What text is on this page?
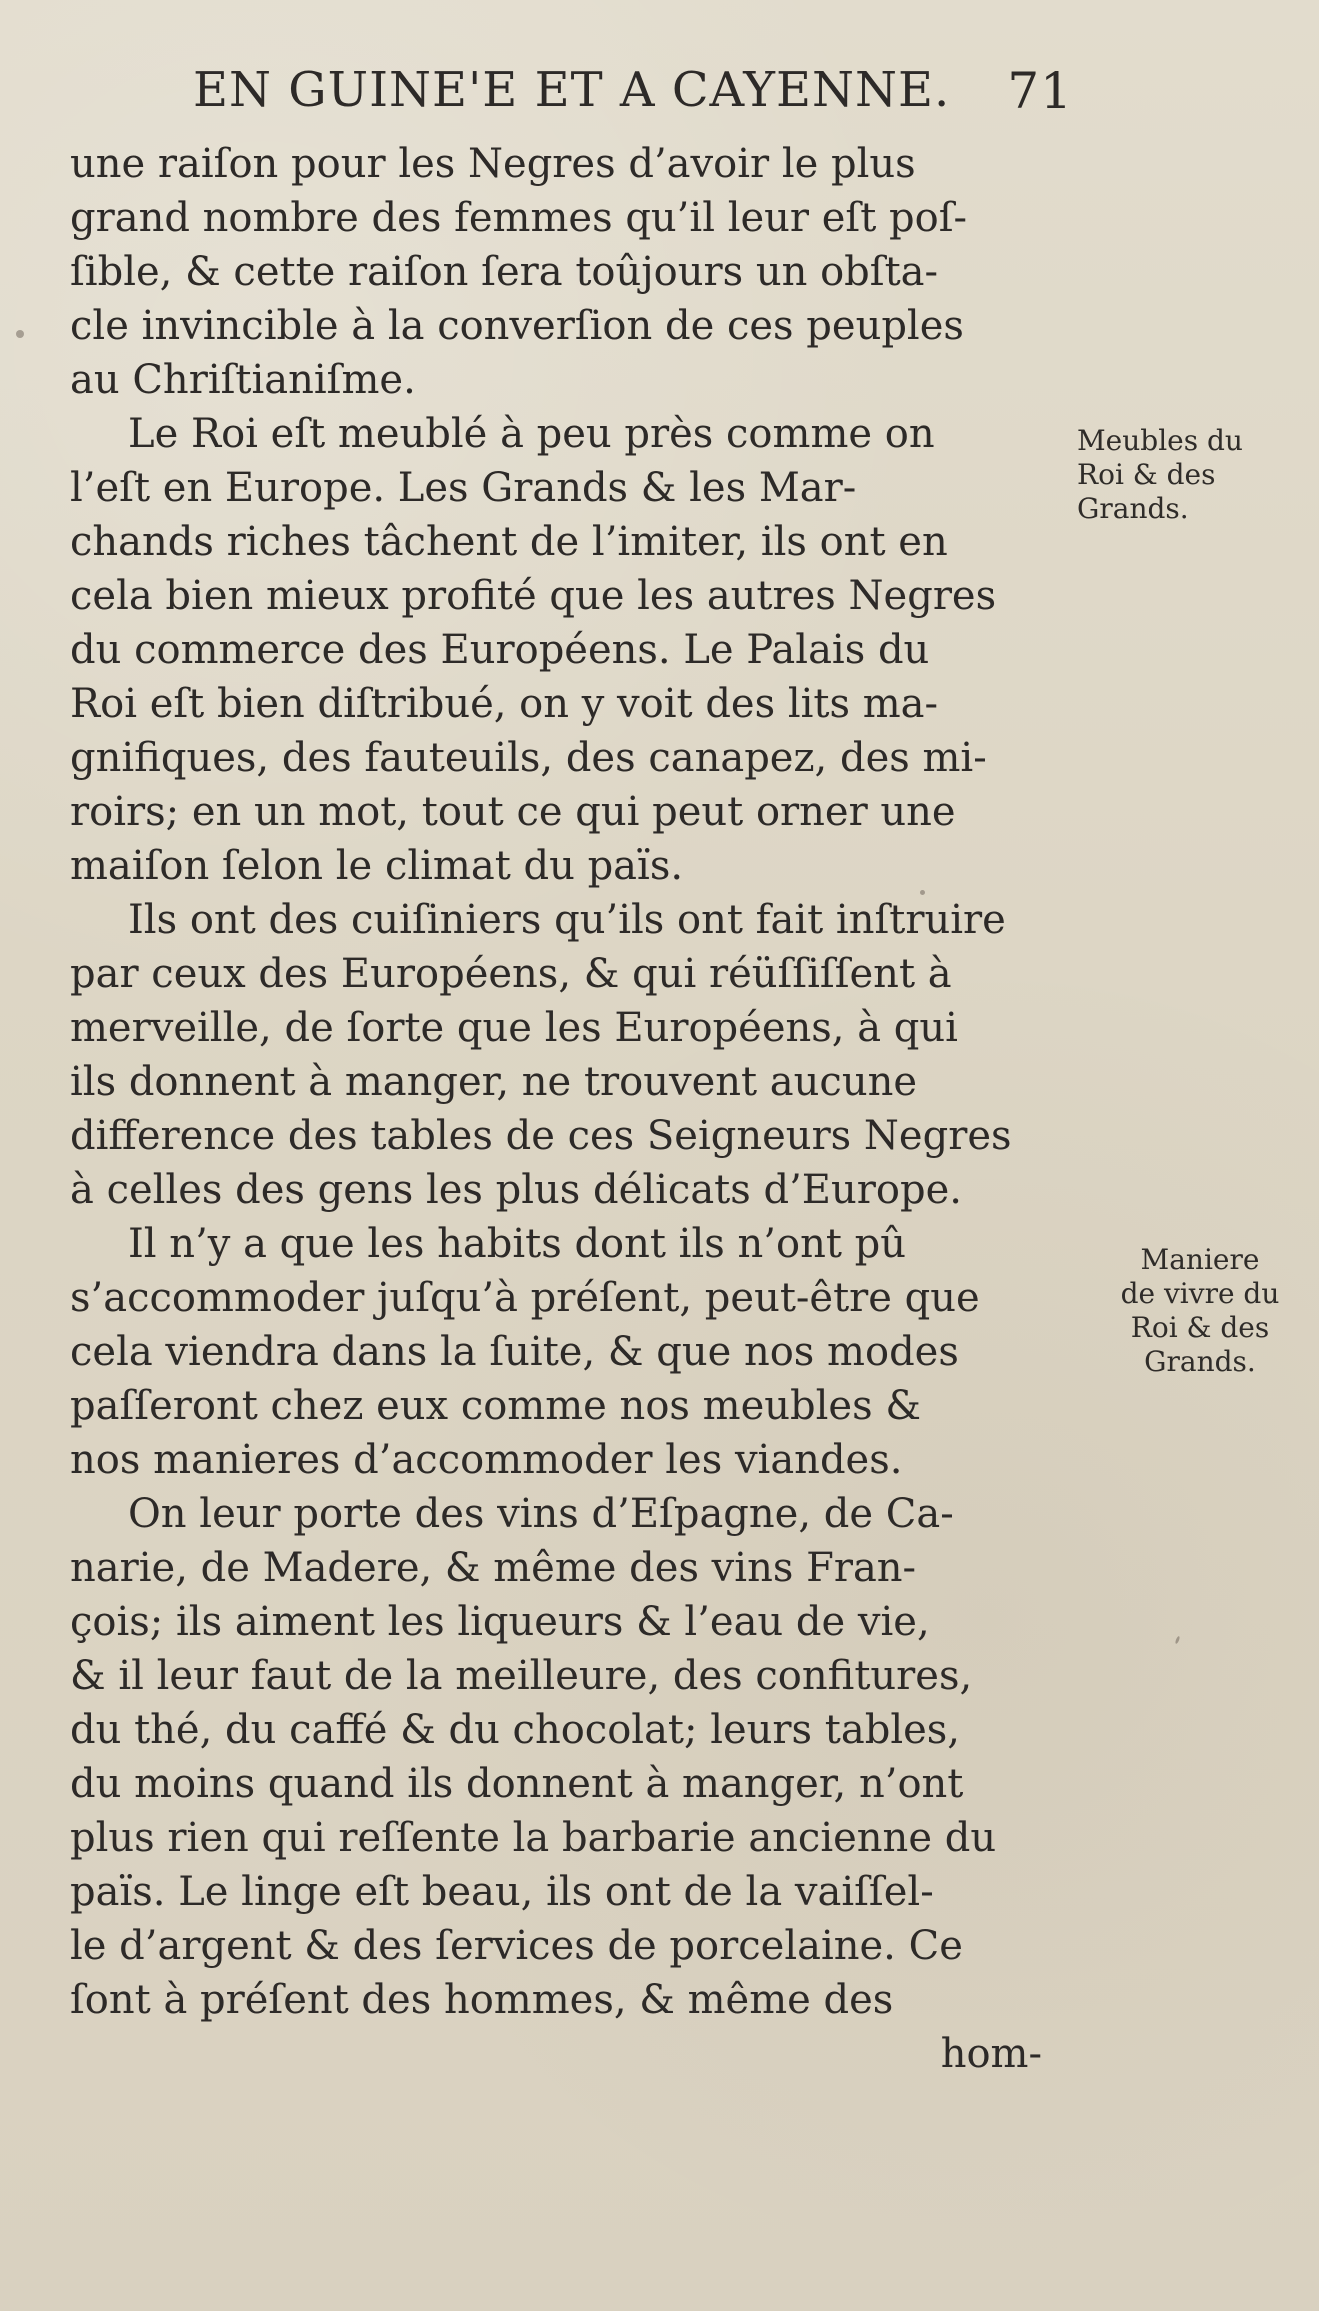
EN GUINE'E ET A CAYENNE. 71
une raiſon pour les Negres d’avoir le plus
grand nombre des femmes qu’il leur eſt poſ-
ſible, & cette raiſon ſera toûjours un obſta-
cle invincible à la converſion de ces peuples
au Chriſtianiſme.
Le Roi eſt meublé à peu près comme on
l’eſt en Europe. Les Grands & les Mar-
chands riches tâchent de l’imiter, ils ont en
cela bien mieux profité que les autres Negres
du commerce des Européens. Le Palais du
Roi eſt bien diſtribué, on y voit des lits ma-
gnifiques, des fauteuils, des canapez, des mi-
roirs; en un mot, tout ce qui peut orner une
maiſon ſelon le climat du païs.
Ils ont des cuiſiniers qu’ils ont fait inſtruire
par ceux des Européens, & qui réüſſiſſent à
merveille, de ſorte que les Européens, à qui
ils donnent à manger, ne trouvent aucune
difference des tables de ces Seigneurs Negres
à celles des gens les plus délicats d’Europe.
Il n’y a que les habits dont ils n’ont pû
s’accommoder juſqu’à préſent, peut-être que
cela viendra dans la ſuite, & que nos modes
paſſeront chez eux comme nos meubles &
nos manieres d’accommoder les viandes.
On leur porte des vins d’Eſpagne, de Ca-
narie, de Madere, & même des vins Fran-
çois; ils aiment les liqueurs & l’eau de vie,
& il leur faut de la meilleure, des confitures,
du thé, du caffé & du chocolat; leurs tables,
du moins quand ils donnent à manger, n’ont
plus rien qui reſſente la barbarie ancienne du
païs. Le linge eſt beau, ils ont de la vaiſſel-
le d’argent & des ſervices de porcelaine. Ce
ſont à préſent des hommes, & même des
hom-
Meubles du
Roi & des
Grands.
Maniere
de vivre du
Roi & des
Grands.
